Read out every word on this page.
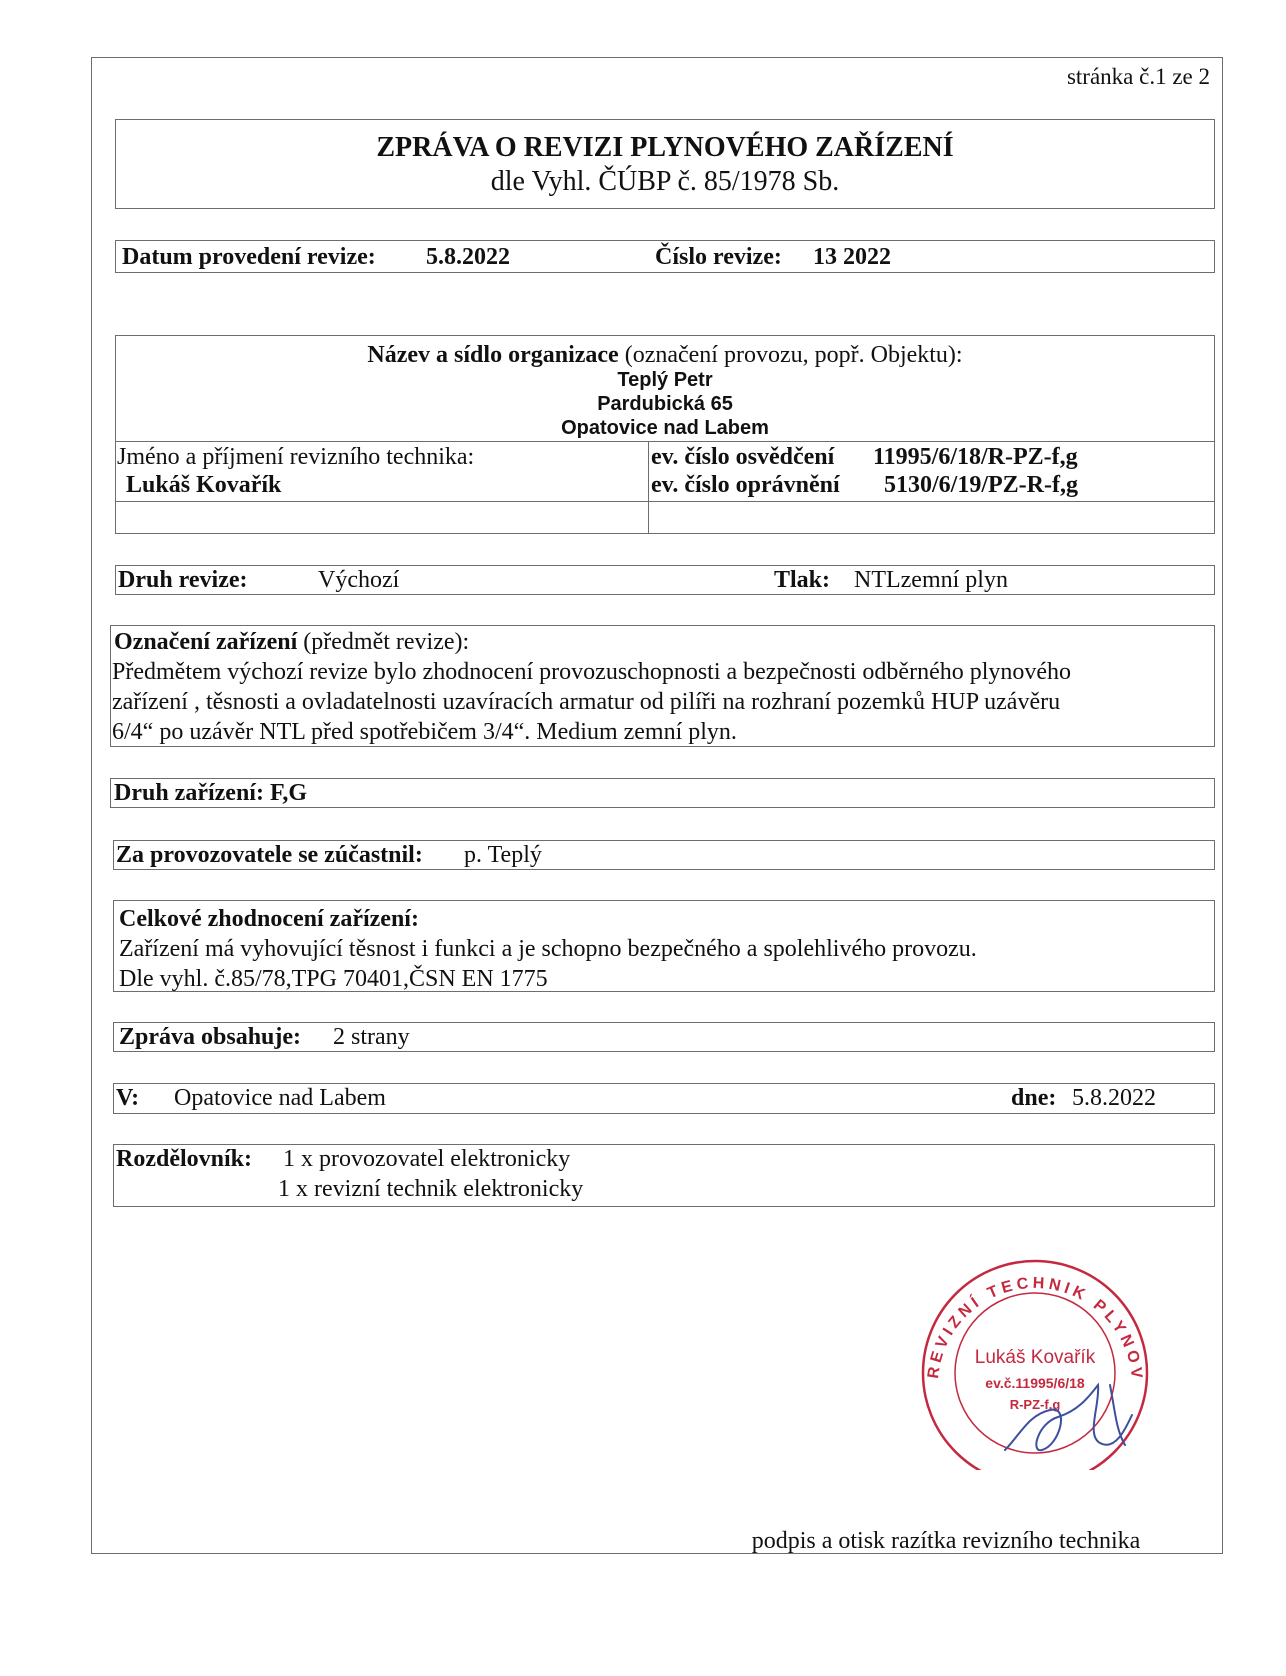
stránka č.1 ze 2
ZPRÁVA O REVIZI PLYNOVÉHO ZAŘÍZENÍ
dle Vyhl. ČÚBP č. 85/1978 Sb.
Datum provedení revize: 5.8.2022	Číslo revize: 13 2022
Název a sídlo organizace (označení provozu, popř. Objektu):
Teplý Petr
Pardubická 65
Opatovice nad Labem
Jméno a příjmení revizního technika:
Lukáš Kovařík
ev. číslo osvědčení 11995/6/18/R-PZ-f,g
ev. číslo oprávnění 5130/6/19/PZ-R-f,g
Druh revize:	Výchozí	Tlak: NTLzemní plyn
Označení zařízení (předmět revize):
Předmětem výchozí revize bylo zhodnocení provozuschopnosti a bezpečnosti odběrného plynového
zařízení , těsnosti a ovladatelnosti uzavíracích armatur od pilíři na rozhraní pozemků HUP uzávěru
6/4“ po uzávěr NTL před spotřebičem 3/4“. Medium zemní plyn.
Druh zařízení: F,G
Za provozovatele se zúčastnil: p. Teplý
Celkové zhodnocení zařízení:
Zařízení má vyhovující těsnost i funkci a je schopno bezpečného a spolehlivého provozu.
Dle vyhl. č.85/78,TPG 70401,ČSN EN 1775
Zpráva obsahuje: 2 strany
V: Opatovice nad Labem	dne: 5.8.2022
Rozdělovník: 1 x provozovatel elektronicky
1 x revizní technik elektronicky
REVIZNÍ TECHNIK PLYNOV
Lukáš Kovařík
ev.č.11995/6/18
R-PZ-f,g
podpis a otisk razítka revizního technika
